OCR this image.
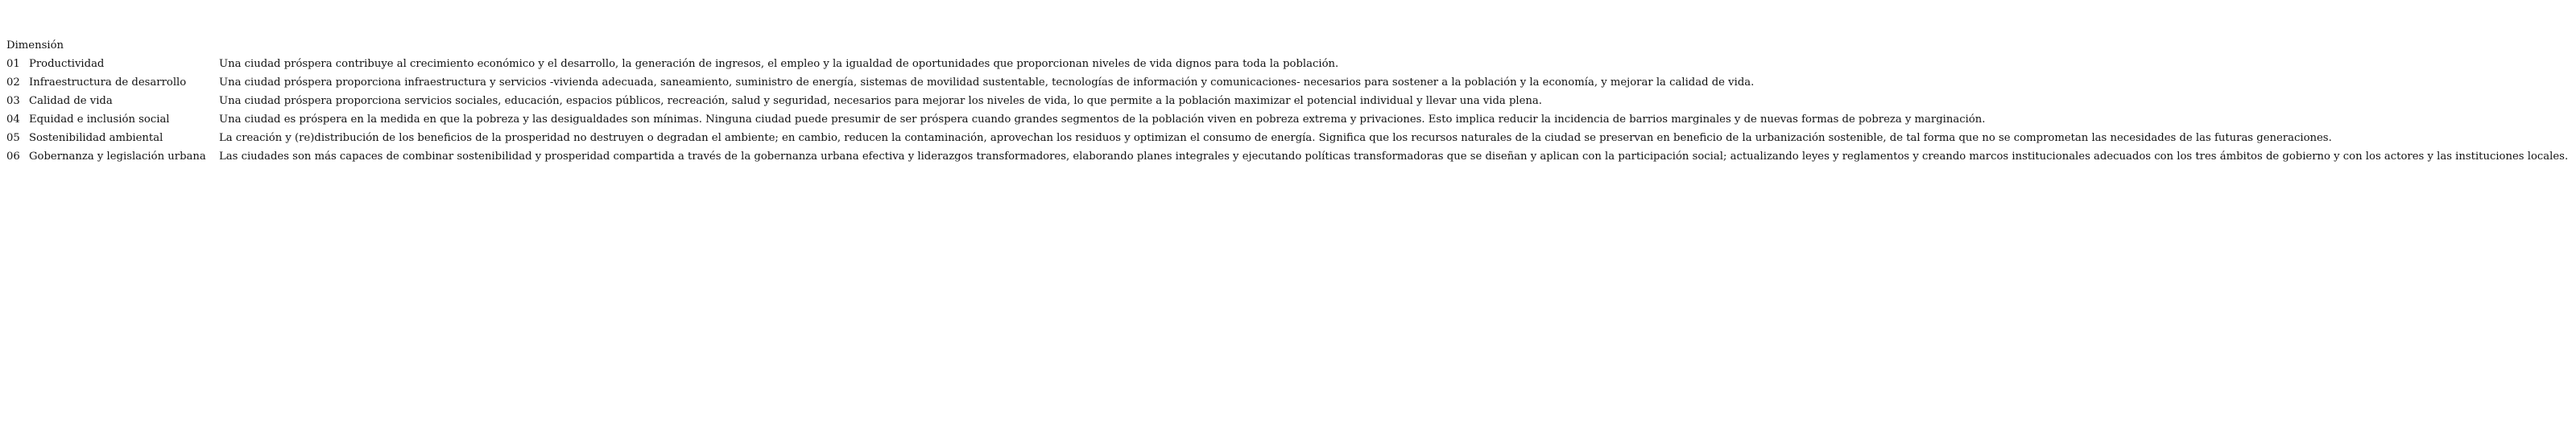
Dimensión
01	Productividad	Una ciudad próspera contribuye al crecimiento económico y el desarrollo, la generación de ingresos, el empleo y la igualdad de oportunidades que proporcionan niveles de vida dignos para toda la población.
02	Infraestructura de desarrollo	Una ciudad próspera proporciona infraestructura y servicios -vivienda adecuada, saneamiento, suministro de energía, sistemas de movilidad sustentable, tecnologías de información y comunicaciones- necesarios para sostener a la población y la economía, y mejorar la calidad de vida.
03	Calidad de vida	Una ciudad próspera proporciona servicios sociales, educación, espacios públicos, recreación, salud y seguridad, necesarios para mejorar los niveles de vida, lo que permite a la población maximizar el potencial individual y llevar una vida plena.
04	Equidad e inclusión social	Una ciudad es próspera en la medida en que la pobreza y las desigualdades son mínimas. Ninguna ciudad puede presumir de ser próspera cuando grandes segmentos de la población viven en pobreza extrema y privaciones. Esto implica reducir la incidencia de barrios marginales y de nuevas formas de pobreza y marginación.
05	Sostenibilidad ambiental	La creación y (re)distribución de los beneficios de la prosperidad no destruyen o degradan el ambiente; en cambio, reducen la contaminación, aprovechan los residuos y optimizan el consumo de energía. Significa que los recursos naturales de la ciudad se preservan en beneficio de la urbanización sostenible, de tal forma que no se comprometan las necesidades de las futuras generaciones.
06	Gobernanza y legislación urbana	Las ciudades son más capaces de combinar sostenibilidad y prosperidad compartida a través de la gobernanza urbana efectiva y liderazgos transformadores, elaborando planes integrales y ejecutando políticas transformadoras que se diseñan y aplican con la participación social; actualizando leyes y reglamentos y creando marcos institucionales adecuados con los tres ámbitos de gobierno y con los actores y las instituciones locales.
